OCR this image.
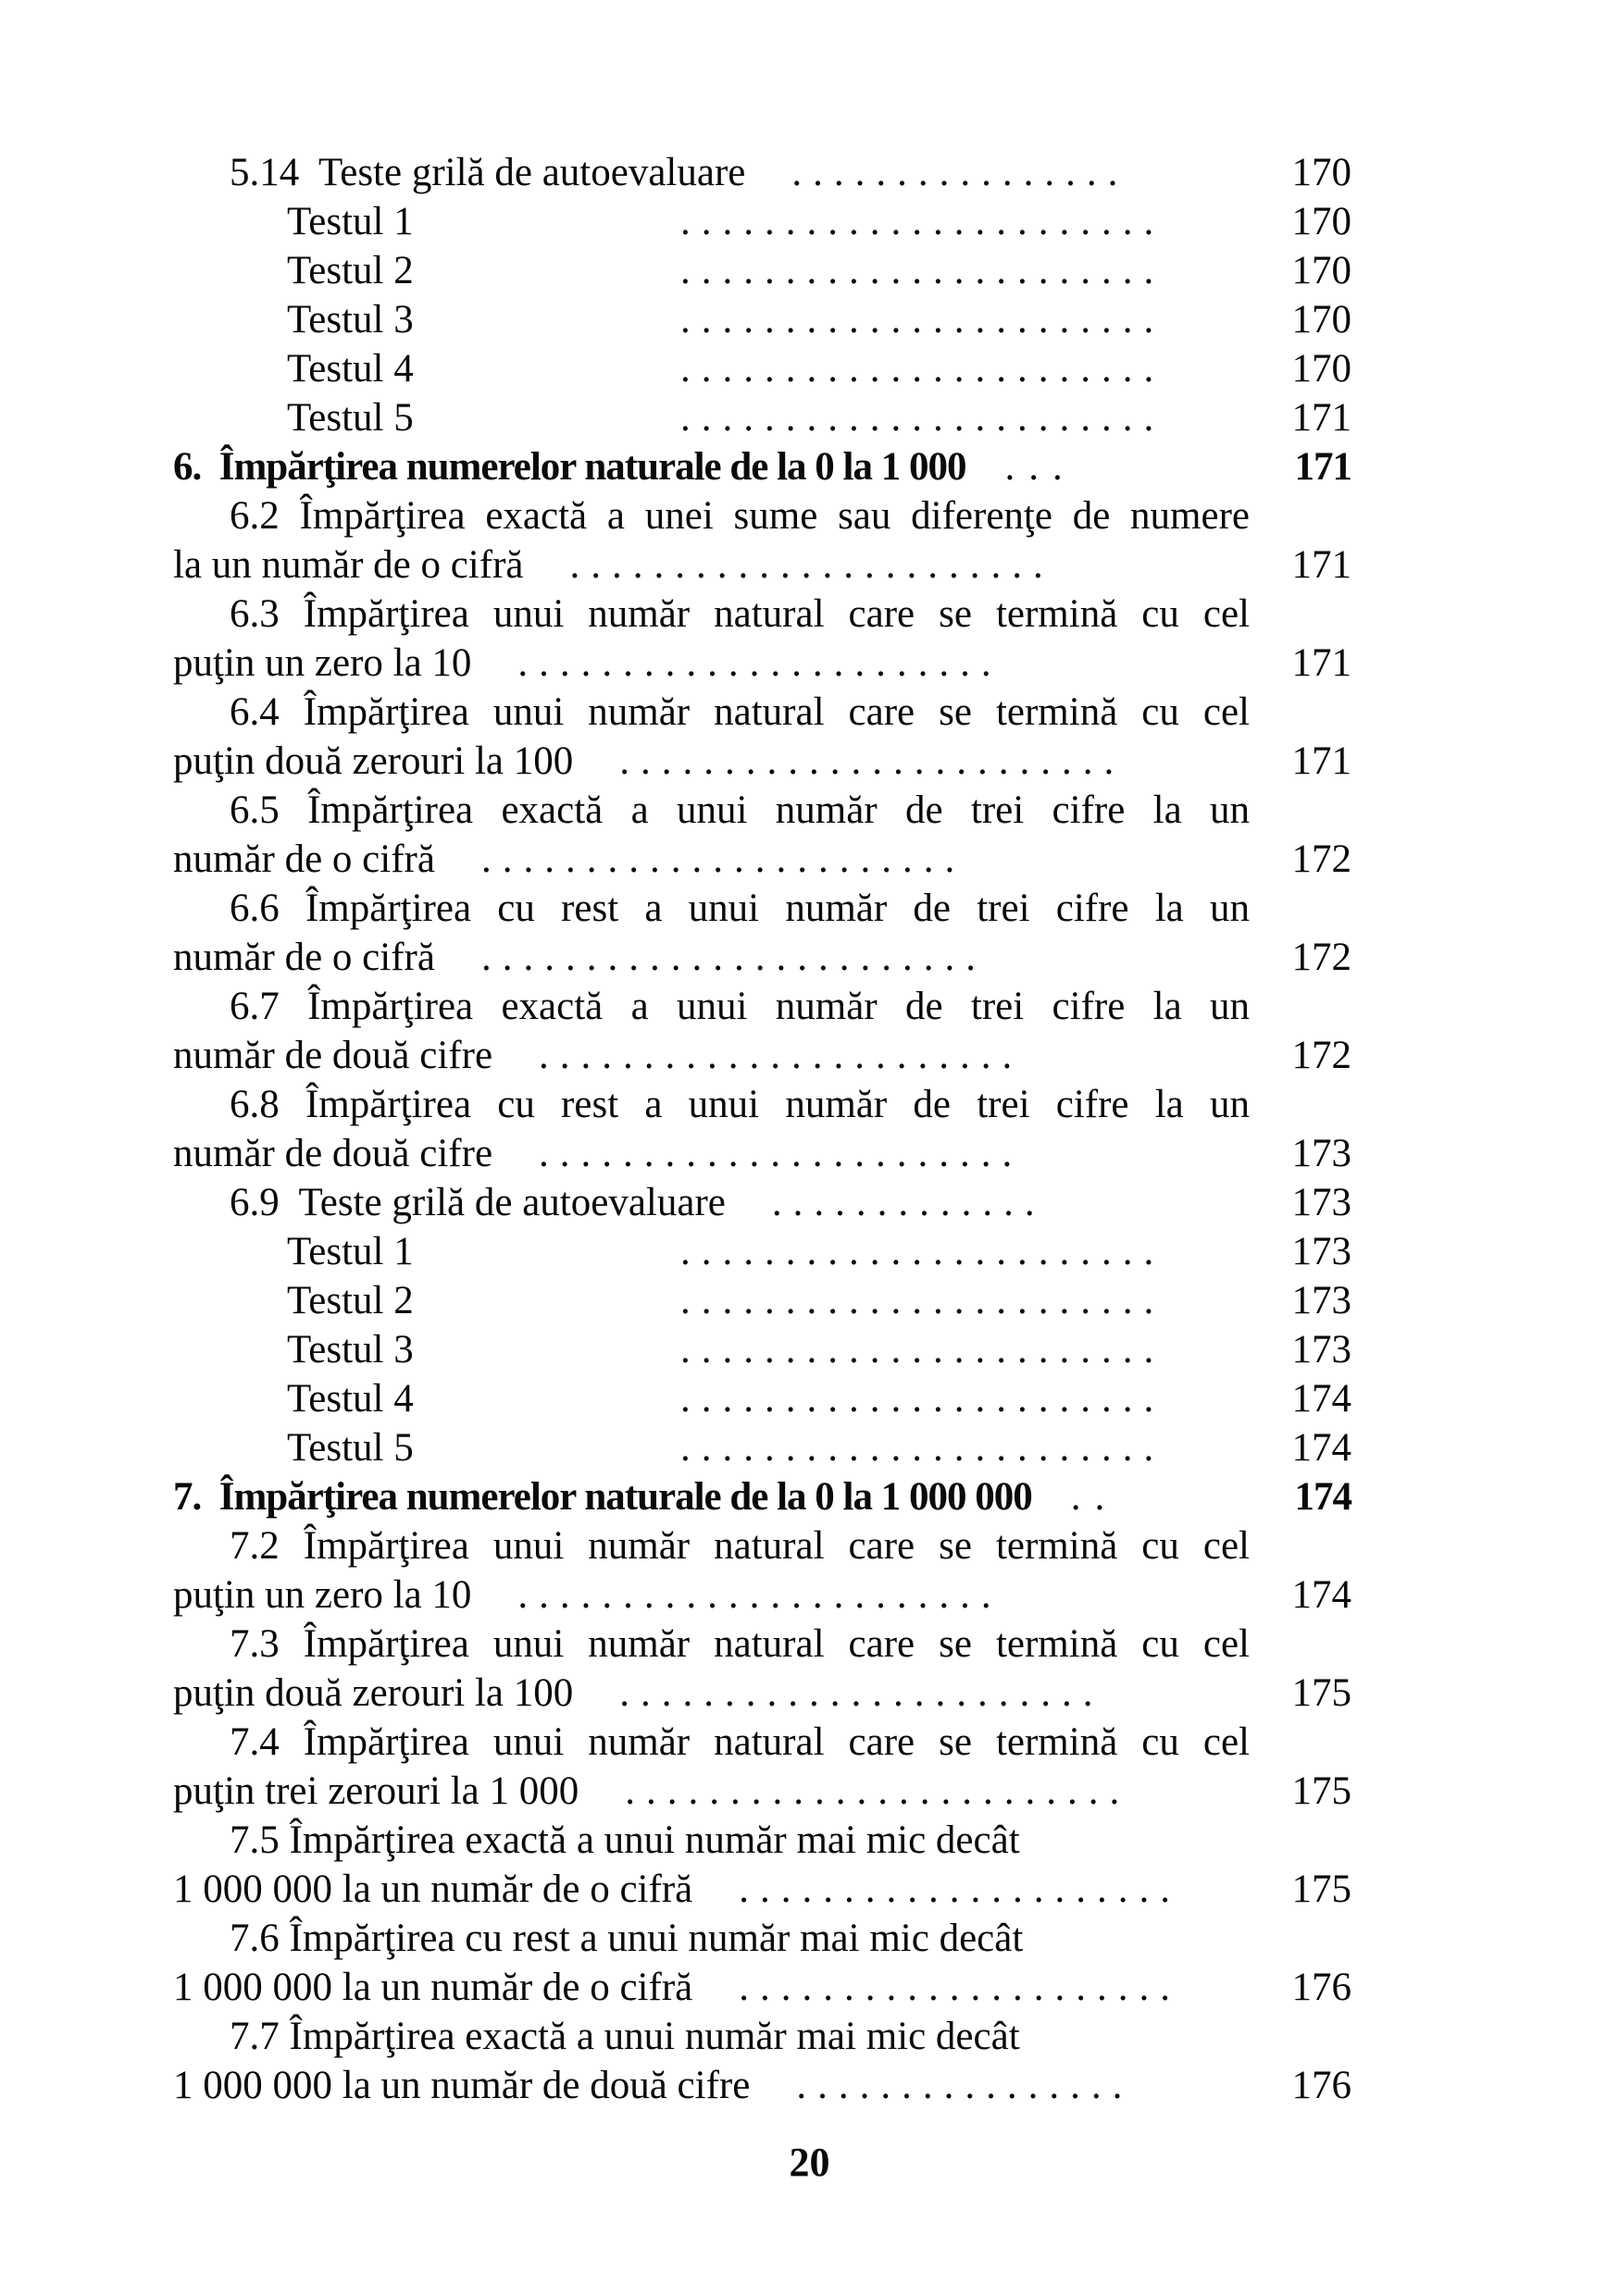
5.14  Teste grilă de autoevaluare	................	170
Testul 1	.......................	170
Testul 2	.......................	170
Testul 3	.......................	170
Testul 4	.......................	170
Testul 5	.......................	171
6.  Împărţirea numerelor naturale de la 0 la 1 000 ...	171
6.2 Împărţirea exactă a unei sume sau diferenţe de numere
la un număr de o cifră	.......................	171
6.3 Împărţirea unui număr natural care se termină cu cel
puţin un zero la 10	.......................	171
6.4 Împărţirea unui număr natural care se termină cu cel
puţin două zerouri la 100	........................	171
6.5 Împărţirea exactă a unui număr de trei cifre la un
număr de o cifră	.......................	172
6.6 Împărţirea cu rest a unui număr de trei cifre la un
număr de o cifră	........................	172
6.7 Împărţirea exactă a unui număr de trei cifre la un
număr de două cifre	.......................	172
6.8 Împărţirea cu rest a unui număr de trei cifre la un
număr de două cifre	.......................	173
6.9  Teste grilă de autoevaluare	.............	173
Testul 1	.......................	173
Testul 2	.......................	173
Testul 3	.......................	173
Testul 4	.......................	174
Testul 5	.......................	174
7.  Împărţirea numerelor naturale de la 0 la 1 000 000 ..	174
7.2 Împărţirea unui număr natural care se termină cu cel
puţin un zero la 10	.......................	174
7.3 Împărţirea unui număr natural care se termină cu cel
puţin două zerouri la 100	.......................	175
7.4 Împărţirea unui număr natural care se termină cu cel
puţin trei zerouri la 1 000	........................	175
7.5 Împărţirea exactă a unui număr mai mic decât
1 000 000 la un număr de o cifră	.....................	175
7.6 Împărţirea cu rest a unui număr mai mic decât
1 000 000 la un număr de o cifră	.....................	176
7.7 Împărţirea exactă a unui număr mai mic decât
1 000 000 la un număr de două cifre	................	176
20
